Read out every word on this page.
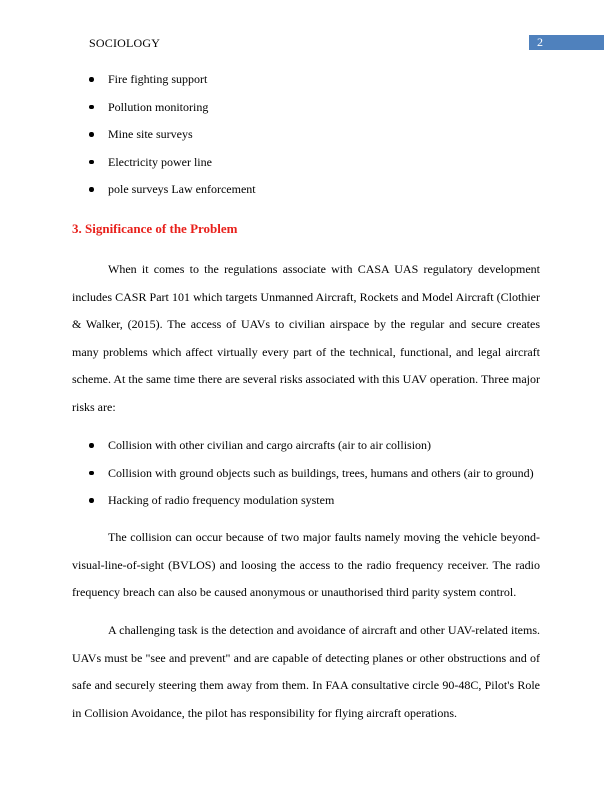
SOCIOLOGY	2
Fire fighting support
Pollution monitoring
Mine site surveys
Electricity power line
pole surveys Law enforcement
3. Significance of the Problem

When it comes to the regulations associate with CASA UAS regulatory development includes CASR Part 101 which targets Unmanned Aircraft, Rockets and Model Aircraft (Clothier & Walker, (2015). The access of UAVs to civilian airspace by the regular and secure creates many problems which affect virtually every part of the technical, functional, and legal aircraft scheme. At the same time there are several risks associated with this UAV operation. Three major risks are:

Collision with other civilian and cargo aircrafts (air to air collision)
Collision with ground objects such as buildings, trees, humans and others (air to ground)
Hacking of radio frequency modulation system

The collision can occur because of two major faults namely moving the vehicle beyond-visual-line-of-sight (BVLOS) and loosing the access to the radio frequency receiver. The radio frequency breach can also be caused anonymous or unauthorised third parity system control.

A challenging task is the detection and avoidance of aircraft and other UAV-related items. UAVs must be "see and prevent" and are capable of detecting planes or other obstructions and of safe and securely steering them away from them. In FAA consultative circle 90-48C, Pilot's Role in Collision Avoidance, the pilot has responsibility for flying aircraft operations.
